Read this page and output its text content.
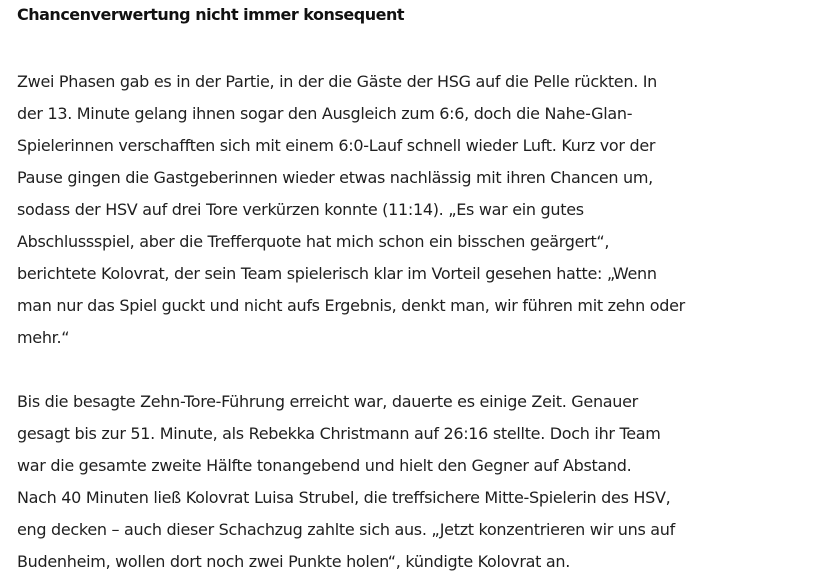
Chancenverwertung nicht immer konsequent

Zwei Phasen gab es in der Partie, in der die Gäste der HSG auf die Pelle rückten. In
der 13. Minute gelang ihnen sogar den Ausgleich zum 6:6, doch die Nahe-Glan-
Spielerinnen verschafften sich mit einem 6:0-Lauf schnell wieder Luft. Kurz vor der
Pause gingen die Gastgeberinnen wieder etwas nachlässig mit ihren Chancen um,
sodass der HSV auf drei Tore verkürzen konnte (11:14). „Es war ein gutes
Abschlussspiel, aber die Trefferquote hat mich schon ein bisschen geärgert“,
berichtete Kolovrat, der sein Team spielerisch klar im Vorteil gesehen hatte: „Wenn
man nur das Spiel guckt und nicht aufs Ergebnis, denkt man, wir führen mit zehn oder
mehr.“

Bis die besagte Zehn-Tore-Führung erreicht war, dauerte es einige Zeit. Genauer
gesagt bis zur 51. Minute, als Rebekka Christmann auf 26:16 stellte. Doch ihr Team
war die gesamte zweite Hälfte tonangebend und hielt den Gegner auf Abstand.
Nach 40 Minuten ließ Kolovrat Luisa Strubel, die treffsichere Mitte-Spielerin des HSV,
eng decken – auch dieser Schachzug zahlte sich aus. „Jetzt konzentrieren wir uns auf
Budenheim, wollen dort noch zwei Punkte holen“, kündigte Kolovrat an.
